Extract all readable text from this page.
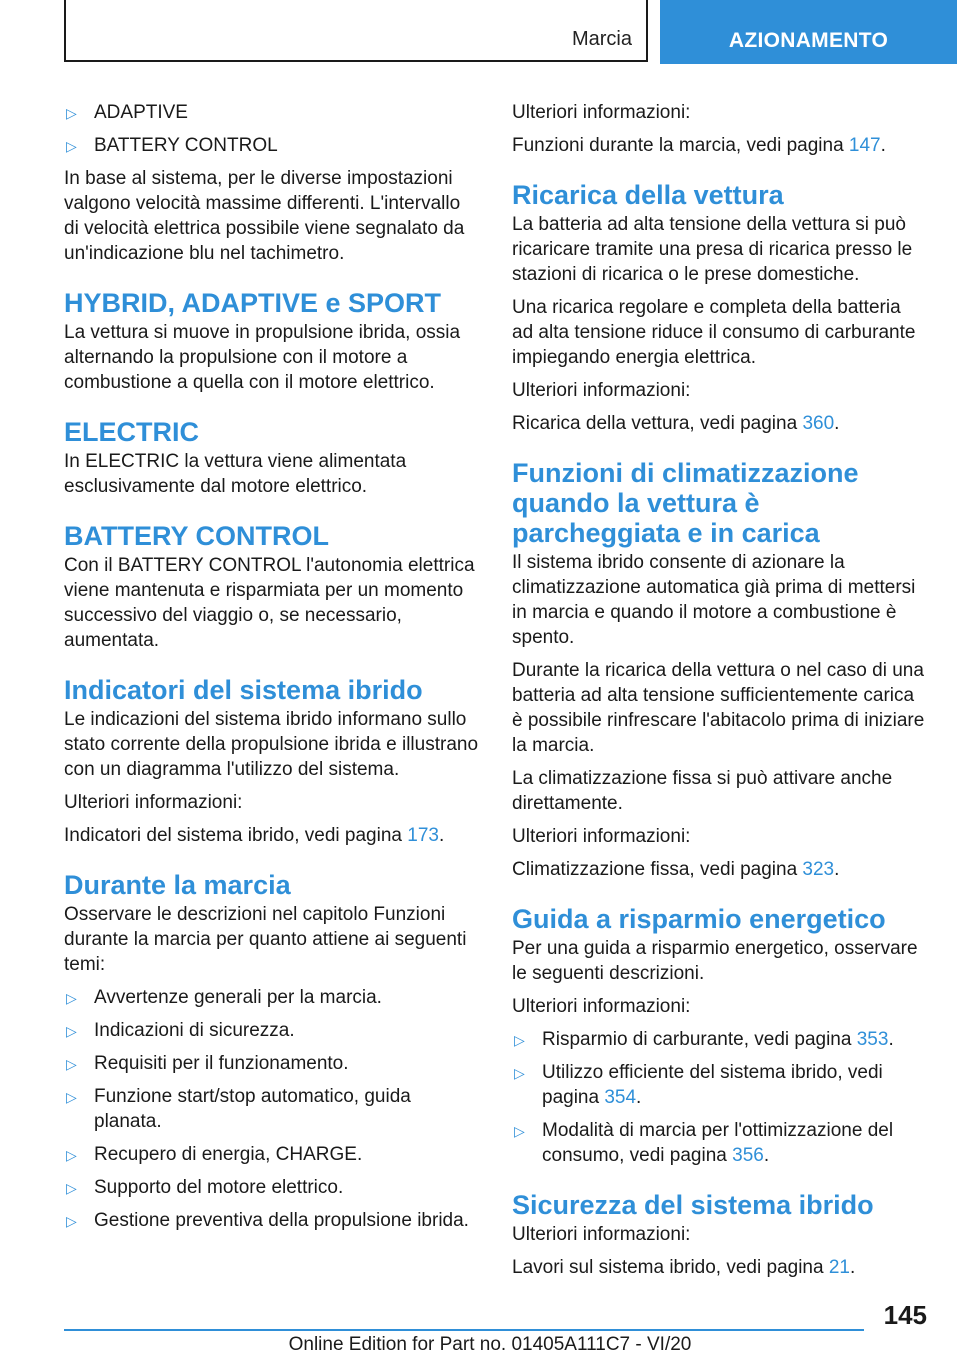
Marcia	AZIONAMENTO
▷ ADAPTIVE
▷ BATTERY CONTROL

In base al sistema, per le diverse impostazioni valgono velocità massime differenti. L'intervallo di velocità elettrica possibile viene segnalato da un'indicazione blu nel tachimetro.

HYBRID, ADAPTIVE e SPORT

La vettura si muove in propulsione ibrida, ossia alternando la propulsione con il motore a combustione a quella con il motore elettrico.

ELECTRIC

In ELECTRIC la vettura viene alimentata esclusivamente dal motore elettrico.

BATTERY CONTROL

Con il BATTERY CONTROL l'autonomia elettrica viene mantenuta e risparmiata per un momento successivo del viaggio o, se necessario, aumentata.

Indicatori del sistema ibrido

Le indicazioni del sistema ibrido informano sullo stato corrente della propulsione ibrida e illustrano con un diagramma l'utilizzo del sistema.

Ulteriori informazioni:

Indicatori del sistema ibrido, vedi pagina 173.

Durante la marcia

Osservare le descrizioni nel capitolo Funzioni durante la marcia per quanto attiene ai seguenti temi:

▷ Avvertenze generali per la marcia.
▷ Indicazioni di sicurezza.
▷ Requisiti per il funzionamento.
▷ Funzione start/stop automatico, guida planata.
▷ Recupero di energia, CHARGE.
▷ Supporto del motore elettrico.
▷ Gestione preventiva della propulsione ibrida.

Ulteriori informazioni:

Funzioni durante la marcia, vedi pagina 147.

Ricarica della vettura

La batteria ad alta tensione della vettura si può ricaricare tramite una presa di ricarica presso le stazioni di ricarica o le prese domestiche.

Una ricarica regolare e completa della batteria ad alta tensione riduce il consumo di carburante impiegando energia elettrica.

Ulteriori informazioni:

Ricarica della vettura, vedi pagina 360.

Funzioni di climatizzazione quando la vettura è parcheggiata e in carica

Il sistema ibrido consente di azionare la climatizzazione automatica già prima di mettersi in marcia e quando il motore a combustione è spento.

Durante la ricarica della vettura o nel caso di una batteria ad alta tensione sufficientemente carica è possibile rinfrescare l'abitacolo prima di iniziare la marcia.

La climatizzazione fissa si può attivare anche direttamente.

Ulteriori informazioni:

Climatizzazione fissa, vedi pagina 323.

Guida a risparmio energetico

Per una guida a risparmio energetico, osservare le seguenti descrizioni.

Ulteriori informazioni:

▷ Risparmio di carburante, vedi pagina 353.
▷ Utilizzo efficiente del sistema ibrido, vedi pagina 354.
▷ Modalità di marcia per l'ottimizzazione del consumo, vedi pagina 356.
Sicurezza del sistema ibrido

Ulteriori informazioni:

Lavori sul sistema ibrido, vedi pagina 21.

145
Online Edition for Part no. 01405A111C7 - VI/20
